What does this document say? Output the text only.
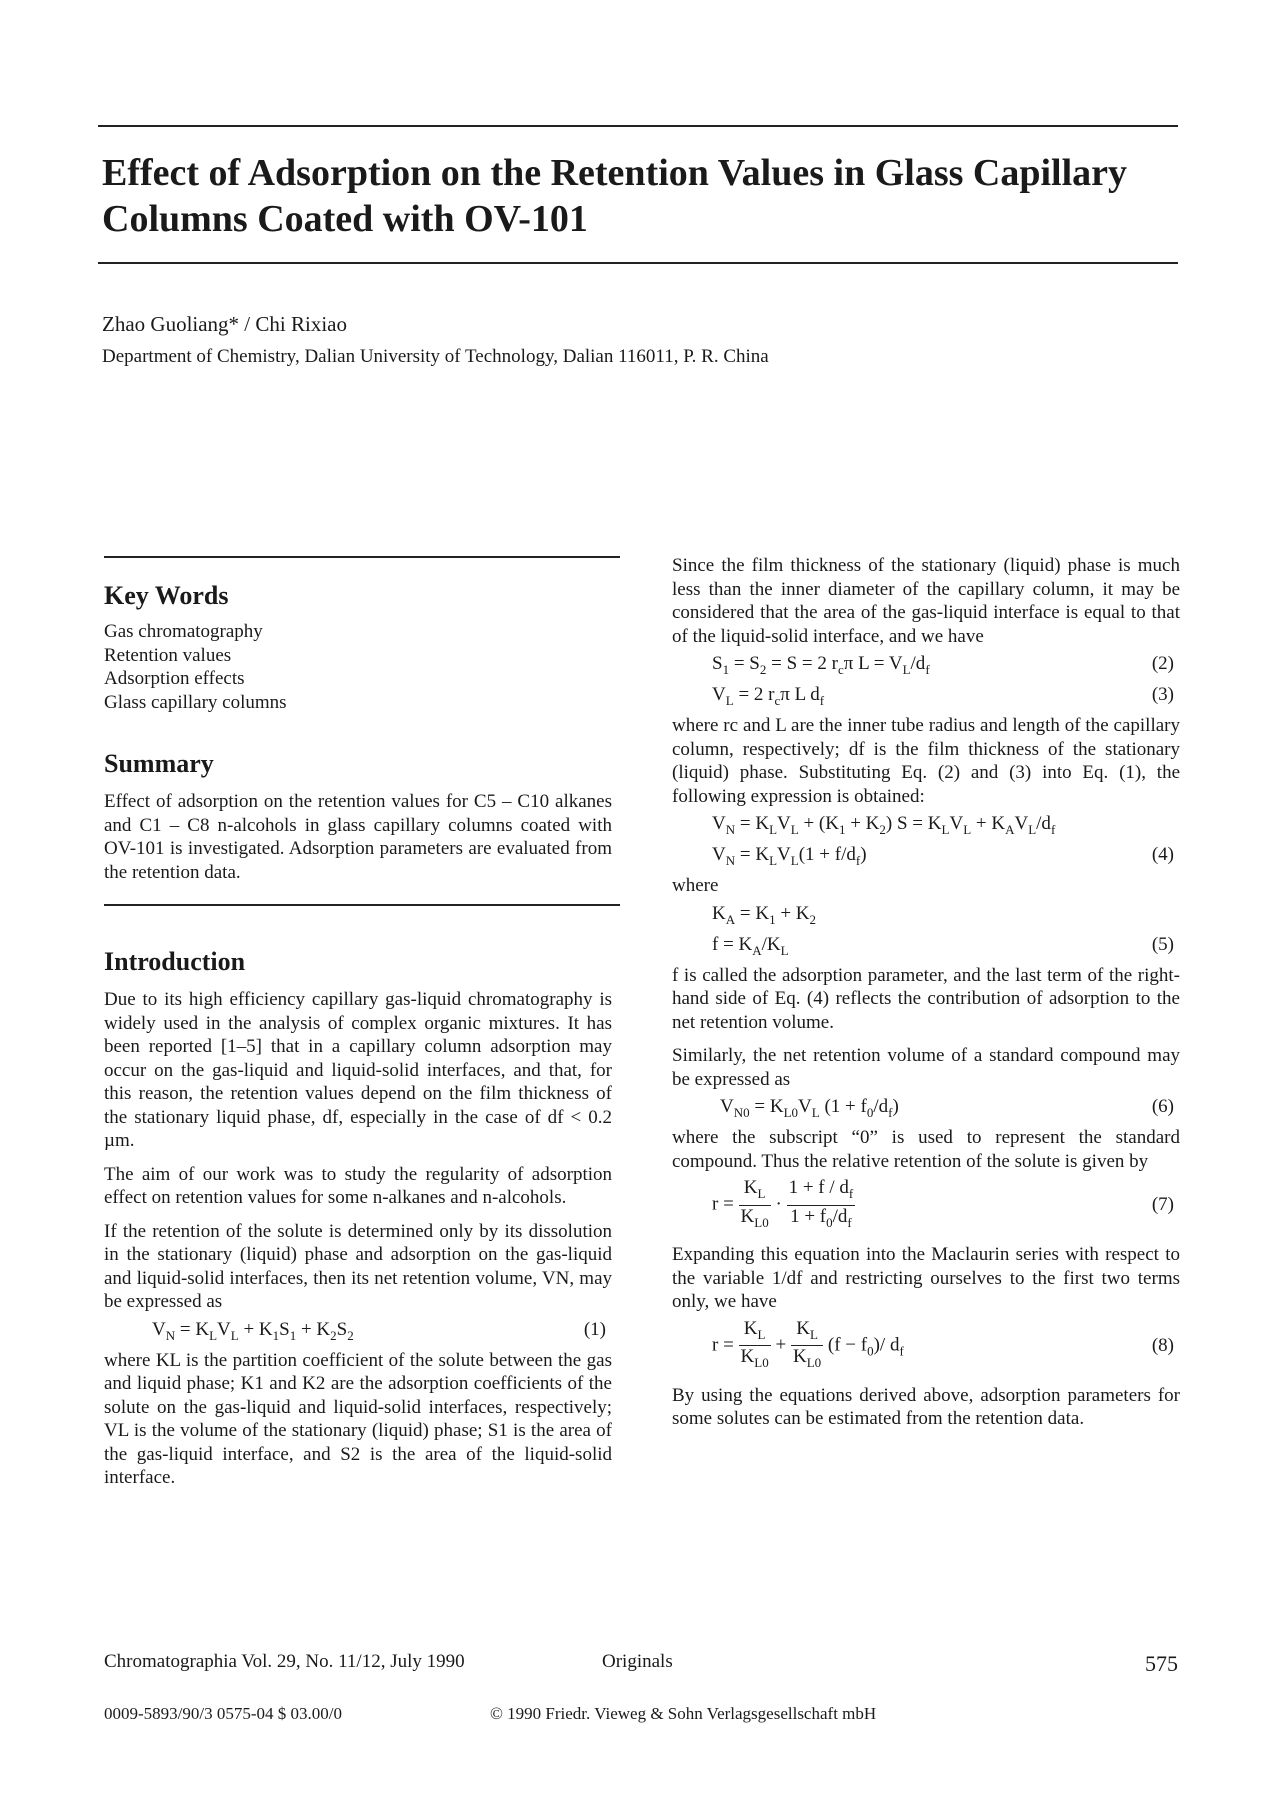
Effect of Adsorption on the Retention Values in Glass Capillary Columns Coated with OV-101

Zhao Guoliang* / Chi Rixiao

Department of Chemistry, Dalian University of Technology, Dalian 116011, P. R. China

Key Words
Gas chromatography
Retention values
Adsorption effects
Glass capillary columns
Summary

Effect of adsorption on the retention values for C5 – C10 alkanes and C1 – C8 n-alcohols in glass capillary columns coated with OV-101 is investigated. Adsorption parameters are evaluated from the retention data.

Introduction

Due to its high efficiency capillary gas-liquid chromatography is widely used in the analysis of complex organic mixtures. It has been reported [1–5] that in a capillary column adsorption may occur on the gas-liquid and liquid-solid interfaces, and that, for this reason, the retention values depend on the film thickness of the stationary liquid phase, df, especially in the case of df < 0.2 µm.

The aim of our work was to study the regularity of adsorption effect on retention values for some n-alkanes and n-alcohols.

If the retention of the solute is determined only by its dissolution in the stationary (liquid) phase and adsorption on the gas-liquid and liquid-solid interfaces, then its net retention volume, VN, may be expressed as

$V_N = K_LV_L + K_1S_1 + K_2S_2$	(1)

where KL is the partition coefficient of the solute between the gas and liquid phase; K1 and K2 are the adsorption coefficients of the solute on the gas-liquid and liquid-solid interfaces, respectively; VL is the volume of the stationary (liquid) phase; S1 is the area of the gas-liquid interface, and S2 is the area of the liquid-solid interface.

Since the film thickness of the stationary (liquid) phase is much less than the inner diameter of the capillary column, it may be considered that the area of the gas-liquid interface is equal to that of the liquid-solid interface, and we have

$S_1 = S_2 = S = 2$ $r_c\pi$ $L = V_L/d_f$	(2)
$V_L = 2$ $r_c\pi$ L $d_f$	(3)

where rc and L are the inner tube radius and length of the capillary column, respectively; df is the film thickness of the stationary (liquid) phase. Substituting Eq. (2) and (3) into Eq. (1), the following expression is obtained:

$V_N = K_LV_L + (K_1 + K_2) S = K_LV_L + K_AV_L/d_f$
$V_N = K_LV_L(1 + f/d_f)$	(4)

where

$K_A = K_1 + K_2$
$f = K_A/K_L$	(5)

f is called the adsorption parameter, and the last term of the right-hand side of Eq. (4) reflects the contribution of adsorption to the net retention volume.

Similarly, the net retention volume of a standard compound may be expressed as

$V_{N0} = K_{L0}V_L$ $(1 + f_0/d_f)$	(6)

where the subscript “0” is used to represent the standard compound. Thus the relative retention of the solute is given by

$r = \frac{K_L}{K_{L0}} \cdot \frac{1 + f / d_f}{1 + f_0/d_f}$	(7)

Expanding this equation into the Maclaurin series with respect to the variable 1/df and restricting ourselves to the first two terms only, we have

$r = \frac{K_L}{K_{L0}} + \frac{K_L}{K_{L0}} (f - f_0)/$ $d_f$	(8)

By using the equations derived above, adsorption parameters for some solutes can be estimated from the retention data.

Chromatographia Vol. 29, No. 11/12, July 1990	Originals	575
0009-5893/90/3 0575-04 $ 03.00/0	© 1990 Friedr. Vieweg & Sohn Verlagsgesellschaft mbH
